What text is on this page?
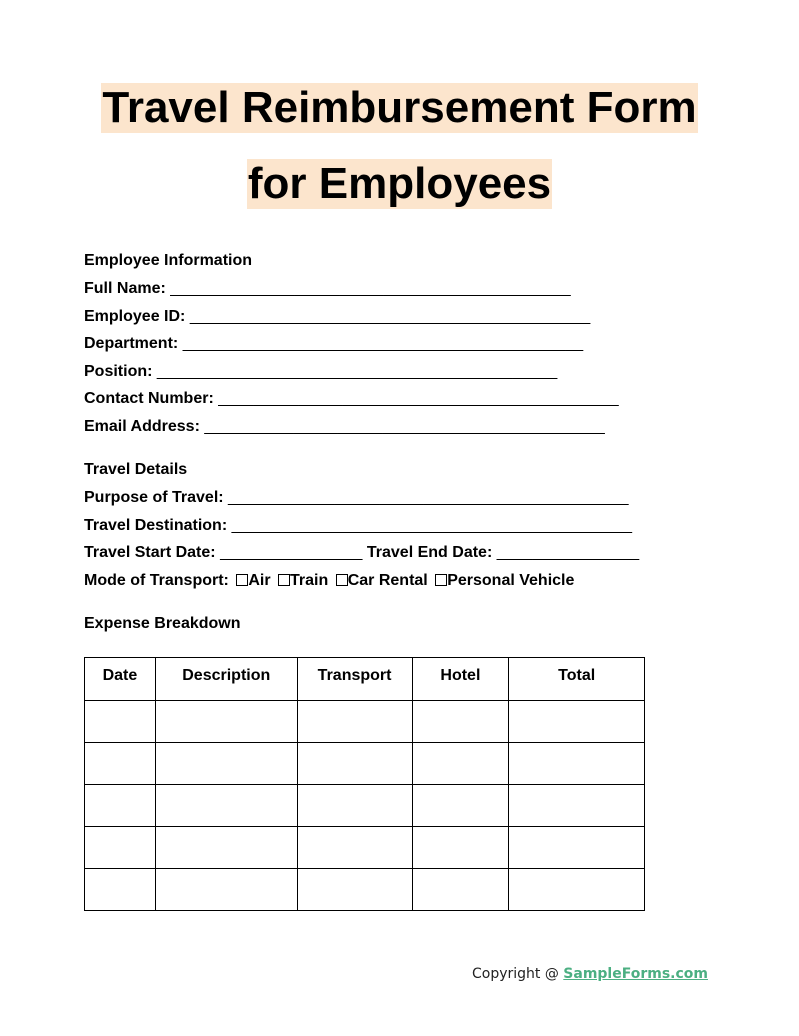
Travel Reimbursement Form
for Employees
Employee Information
Full Name: _____________________________________________
Employee ID: _____________________________________________
Department: _____________________________________________
Position: _____________________________________________
Contact Number: _____________________________________________
Email Address: _____________________________________________
Travel Details
Purpose of Travel: _____________________________________________
Travel Destination: _____________________________________________
Travel Start Date: ________________ Travel End Date: ________________
Mode of Transport: Air Train Car Rental Personal Vehicle
Expense Breakdown
Date	Description	Transport	Hotel	Total

Copyright @ SampleForms.com
